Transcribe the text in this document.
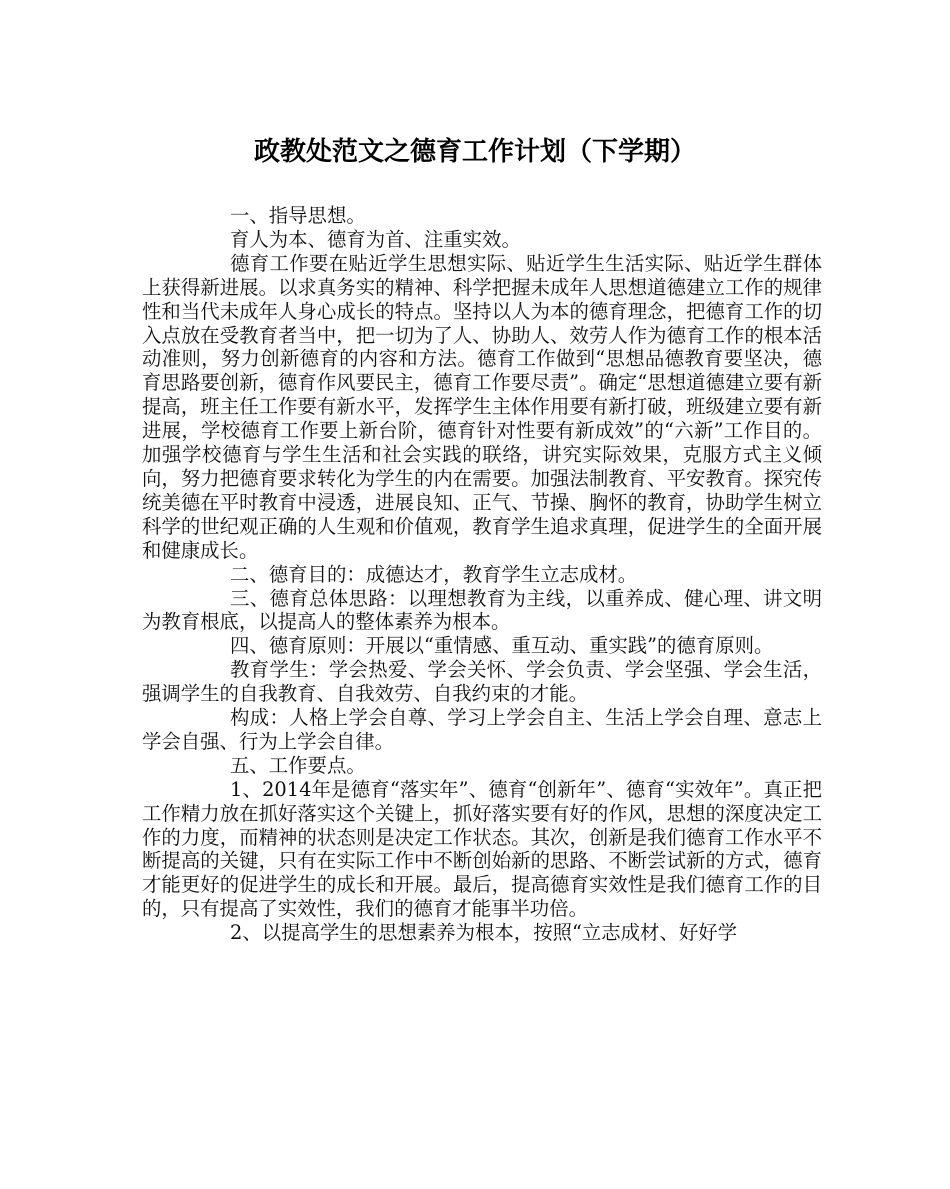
政教处范文之德育工作计划（下学期）

一、指导思想。

育人为本、德育为首、注重实效。

德育工作要在贴近学生思想实际、贴近学生生活实际、贴近学生群体上获得新进展。以求真务实的精神、科学把握未成年人思想道德建立工作的规律性和当代未成年人身心成长的特点。坚持以人为本的德育理念，把德育工作的切入点放在受教育者当中，把一切为了人、协助人、效劳人作为德育工作的根本活动准则，努力创新德育的内容和方法。德育工作做到“思想品德教育要坚决，德育思路要创新，德育作风要民主，德育工作要尽责”。确定“思想道德建立要有新提高，班主任工作要有新水平，发挥学生主体作用要有新打破，班级建立要有新进展，学校德育工作要上新台阶，德育针对性要有新成效”的“六新”工作目的。加强学校德育与学生生活和社会实践的联络，讲究实际效果，克服方式主义倾向，努力把德育要求转化为学生的内在需要。加强法制教育、平安教育。探究传统美德在平时教育中浸透，进展良知、正气、节操、胸怀的教育，协助学生树立科学的世纪观正确的人生观和价值观，教育学生追求真理，促进学生的全面开展和健康成长。

二、德育目的：成德达才，教育学生立志成材。

三、德育总体思路：以理想教育为主线，以重养成、健心理、讲文明为教育根底，以提高人的整体素养为根本。

四、德育原则：开展以“重情感、重互动、重实践”的德育原则。

教育学生：学会热爱、学会关怀、学会负责、学会坚强、学会生活，强调学生的自我教育、自我效劳、自我约束的才能。

构成：人格上学会自尊、学习上学会自主、生活上学会自理、意志上学会自强、行为上学会自律。

五、工作要点。

1、2014年是德育“落实年”、德育“创新年”、德育“实效年”。真正把工作精力放在抓好落实这个关键上，抓好落实要有好的作风，思想的深度决定工作的力度，而精神的状态则是决定工作状态。其次，创新是我们德育工作水平不断提高的关键，只有在实际工作中不断创始新的思路、不断尝试新的方式，德育才能更好的促进学生的成长和开展。最后，提高德育实效性是我们德育工作的目的，只有提高了实效性，我们的德育才能事半功倍。

2、以提高学生的思想素养为根本，按照“立志成材、好好学
